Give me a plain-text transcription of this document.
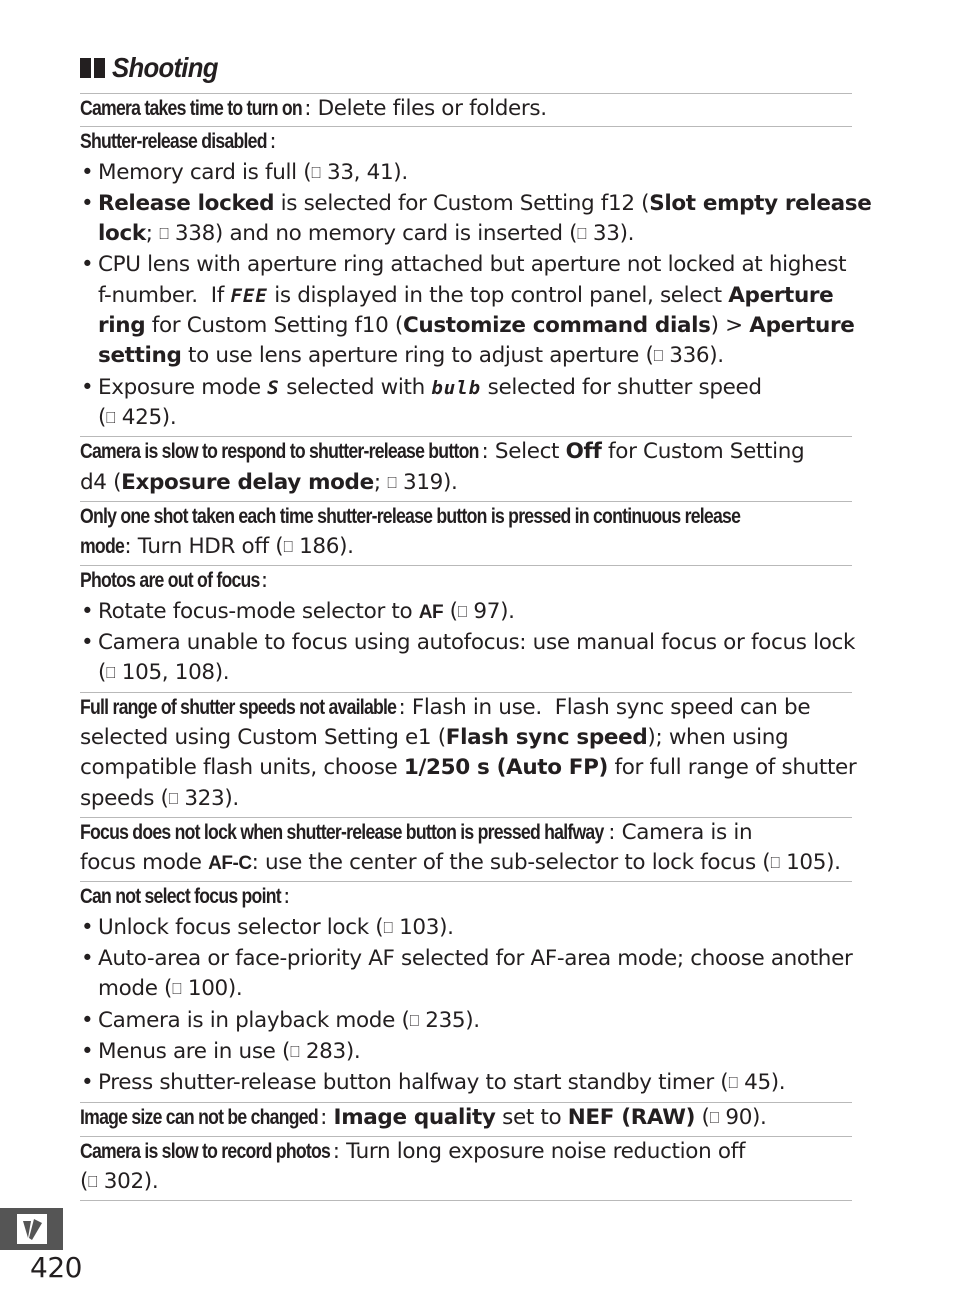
Shooting
Camera takes time to turn on : Delete files or folders.
Shutter-release disabled :
• Memory card is full (⎕ 33, 41).
• Release locked is selected for Custom Setting f12 (Slot empty release
lock; ⎕ 338) and no memory card is inserted (⎕ 33).
• CPU lens with aperture ring attached but aperture not locked at highest
f-number.  If FEE is displayed in the top control panel, select Aperture
ring for Custom Setting f10 (Customize command dials) > Aperture
setting to use lens aperture ring to adjust aperture (⎕ 336).
• Exposure mode S selected with bulb selected for shutter speed
(⎕ 425).
Camera is slow to respond to shutter-release button : Select Off for Custom Setting
d4 (Exposure delay mode; ⎕ 319).
Only one shot taken each time shutter-release button is pressed in continuous release
mode: Turn HDR off (⎕ 186).
Photos are out of focus:
• Rotate focus-mode selector to AF (⎕ 97).
• Camera unable to focus using autofocus: use manual focus or focus lock
(⎕ 105, 108).
Full range of shutter speeds not available : Flash in use.  Flash sync speed can be
selected using Custom Setting e1 (Flash sync speed); when using
compatible flash units, choose 1/250 s (Auto FP) for full range of shutter
speeds (⎕ 323).
Focus does not lock when shutter-release button is pressed halfway : Camera is in
focus mode AF-C: use the center of the sub-selector to lock focus (⎕ 105).
Can not select focus point :
• Unlock focus selector lock (⎕ 103).
• Auto-area or face-priority AF selected for AF-area mode; choose another
mode (⎕ 100).
• Camera is in playback mode (⎕ 235).
• Menus are in use (⎕ 283).
• Press shutter-release button halfway to start standby timer (⎕ 45).
Image size can not be changed : Image quality set to NEF (RAW) (⎕ 90).
Camera is slow to record photos : Turn long exposure noise reduction off
(⎕ 302).
420
